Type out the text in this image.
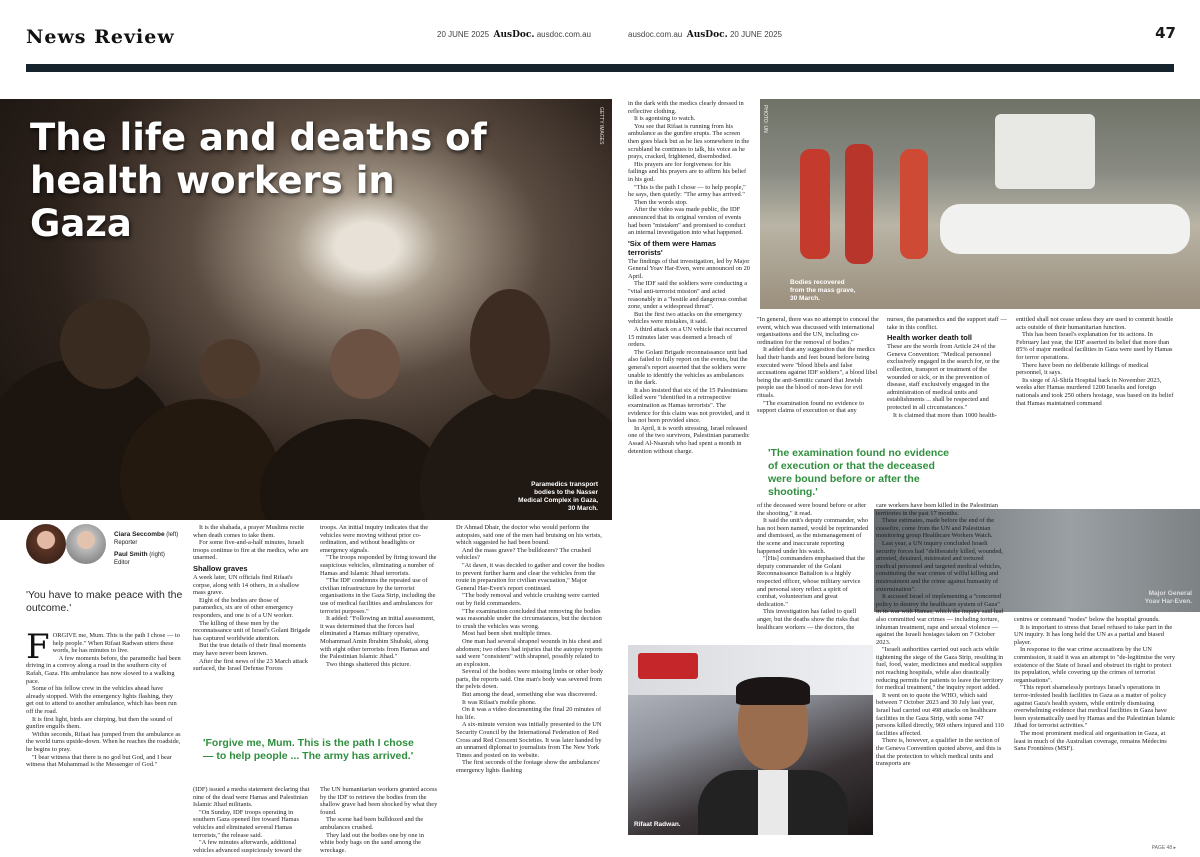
News Review	20 JUNE 2025 AusDoc. ausdoc.com.au	ausdoc.com.au AusDoc. 20 JUNE 2025	47
GETTY IMAGES
Paramedics transport bodies to the Nasser Medical Complex in Gaza, 30 March.
The life and deaths of health workers in Gaza
PHOTO: UN
Bodies recovered from the mass grave, 30 March.
Major General Yoav Har-Even.
Rifaat Radwan.
Ciara Seccombe (left)
Reporter
Paul Smith (right)
Editor
'You have to make peace with the outcome.'

FORGIVE me, Mum. This is the path I chose — to help people." When Rifaat Radwan utters these words, he has minutes to live.

A few moments before, the paramedic had been driving in a convoy along a road in the southern city of Rafah, Gaza. His ambulance has now slowed to a walking pace.

Some of his fellow crew in the vehicles ahead have already stopped. With the emergency lights flashing, they get out to attend to another ambulance, which has been run off the road.

It is first light, birds are chirping, but then the sound of gunfire engulfs them.

Within seconds, Rifaat has jumped from the ambulance as the world turns upside-down. When he reaches the roadside, he begins to pray.

"I bear witness that there is no god but God, and I bear witness that Muhammad is the Messenger of God."

It is the shahada, a prayer Muslims recite when death comes to take them.

For some five-and-a-half minutes, Israeli troops continue to fire at the medics, who are unarmed.

Shallow graves

A week later, UN officials find Rifaat's corpse, along with 14 others, in a shallow mass grave.

Eight of the bodies are those of paramedics, six are of other emergency responders, and one is of a UN worker.

The killing of these men by the reconnaissance unit of Israel's Golani Brigade has captured worldwide attention.

But the true details of their final moments may have never been known.

After the first news of the 23 March attack surfaced, the Israel Defense Forces

(IDF) issued a media statement declaring that nine of the dead were Hamas and Palestinian Islamic Jihad militants.

"On Sunday, IDF troops operating in southern Gaza opened fire toward Hamas vehicles and eliminated several Hamas terrorists," the release said.

"A few minutes afterwards, additional vehicles advanced suspiciously toward the

troops. An initial inquiry indicates that the vehicles were moving without prior co-ordination, and without headlights or emergency signals.

"The troops responded by firing toward the suspicious vehicles, eliminating a number of Hamas and Islamic Jihad terrorists.

"The IDF condemns the repeated use of civilian infrastructure by the terrorist organisations in the Gaza Strip, including the use of medical facilities and ambulances for terrorist purposes."

It added: "Following an initial assessment, it was determined that the forces had eliminated a Hamas military operative, Mohammad Amin Ibrahim Shubaki, along with eight other terrorists from Hamas and the Palestinian Islamic Jihad."

Two things shattered this picture.

The UN humanitarian workers granted access by the IDF to retrieve the bodies from the shallow grave had been shocked by what they found.

The scene had been bulldozed and the ambulances crushed.

They laid out the bodies one by one in white body bags on the sand among the wreckage.

'Forgive me, Mum. This is the path I chose — to help people ... The army has arrived.'

Dr Ahmad Dhair, the doctor who would perform the autopsies, said one of the men had bruising on his wrists, which suggested he had been bound.

And the mass grave? The bulldozers? The crushed vehicles?

"At dawn, it was decided to gather and cover the bodies to prevent further harm and clear the vehicles from the route in preparation for civilian evacuation," Major General Har-Even's report continued.

"The body removal and vehicle crushing were carried out by field commanders.

"The examination concluded that removing the bodies was reasonable under the circumstances, but the decision to crush the vehicles was wrong.

Most had been shot multiple times.

One man had several shrapnel wounds in his chest and abdomen; two others had injuries that the autopsy reports said were "consistent" with shrapnel, possibly related to an explosion.

Several of the bodies were missing limbs or other body parts, the reports said. One man's body was severed from the pelvis down.

But among the dead, something else was discovered.

It was Rifaat's mobile phone.

On it was a video documenting the final 20 minutes of his life.

A six-minute version was initially presented to the UN Security Council by the International Federation of Red Cross and Red Crescent Societies. It was later handed by an unnamed diplomat to journalists from The New York Times and posted on its website.

The first seconds of the footage show the ambulances' emergency lights flashing

in the dark with the medics clearly dressed in reflective clothing.

It is agonising to watch.

You see that Rifaat is running from his ambulance as the gunfire erupts. The screen then goes black but as he lies somewhere in the scrubland he continues to talk, his voice as he prays, cracked, frightened, disembodied.

His prayers are for forgiveness for his failings and his prayers are to affirm his belief in his god.

"This is the path I chose — to help people," he says, then quietly: "The army has arrived."

Then the words stop.

After the video was made public, the IDF announced that its original version of events had been "mistaken" and promised to conduct an internal investigation into what happened.

'Six of them were Hamas terrorists'

The findings of that investigation, led by Major General Yoav Har-Even, were announced on 20 April.

The IDF said the soldiers were conducting a "vital anti-terrorist mission" and acted reasonably in a "hostile and dangerous combat zone, under a widespread threat".

But the first two attacks on the emergency vehicles were mistakes, it said.

A third attack on a UN vehicle that occurred 15 minutes later was deemed a breach of orders.

The Golani Brigade reconnaissance unit had also failed to fully report on the events, but the general's report asserted that the soldiers were unable to identify the vehicles as ambulances in the dark.

It also insisted that six of the 15 Palestinians killed were "identified in a retrospective examination as Hamas terrorists". The evidence for this claim was not provided, and it has not been provided since.

In April, it is worth stressing, Israel released one of the two survivors, Palestinian paramedic Assad Al-Nsasrah who had spent a month in detention without charge.

"In general, there was no attempt to conceal the event, which was discussed with international organisations and the UN, including co-ordination for the removal of bodies."

It added that any suggestion that the medics had their hands and feet bound before being executed were "blood libels and false accusations against IDF soldiers", a blood libel being the anti-Semitic canard that Jewish people use the blood of non-Jews for evil rituals.

"The examination found no evidence to support claims of execution or that any

of the deceased were bound before or after the shooting," it read.

It said the unit's deputy commander, who has not been named, would be reprimanded and dismissed, as the mismanagement of the scene and inaccurate reporting happened under his watch.

"[His] commanders emphasised that the deputy commander of the Golani Reconnaissance Battalion is a highly respected officer, whose military service and personal story reflect a spirit of combat, volunteerism and great dedication."

This investigation has failed to quell anger, but the deaths show the risks that healthcare workers — the doctors, the

'The examination found no evidence of execution or that the deceased were bound before or after the shooting.'

nurses, the paramedics and the support staff — take in this conflict.

Health worker death toll

These are the words from Article 24 of the Geneva Convention: "Medical personnel exclusively engaged in the search for, or the collection, transport or treatment of the wounded or sick, or in the prevention of disease, staff exclusively engaged in the administration of medical units and establishments ... shall be respected and protected in all circumstances."

It is claimed that more than 1000 health-

care workers have been killed in the Palestinian territories in the past 17 months.

These estimates, made before the end of the ceasefire, come from the UN and Palestinian monitoring group Healthcare Workers Watch.

Last year, a UN inquiry concluded Israeli security forces had "deliberately killed, wounded, arrested, detained, mistreated and tortured medical personnel and targeted medical vehicles, constituting the war crimes of wilful killing and mistreatment and the crime against humanity of extermination".

It accused Israel of implementing a "concerted policy to destroy the healthcare system of Gaza" in its war with Hamas, which the inquiry said had also committed war crimes — including torture, inhuman treatment, rape and sexual violence — against the Israeli hostages taken on 7 October 2023.

"Israeli authorities carried out such acts while tightening the siege of the Gaza Strip, resulting in fuel, food, water, medicines and medical supplies not reaching hospitals, while also drastically reducing permits for patients to leave the territory for medical treatment," the inquiry report added.

It went on to quote the WHO, which said between 7 October 2023 and 30 July last year, Israel had carried out 498 attacks on healthcare facilities in the Gaza Strip, with some 747 persons killed directly, 969 others injured and 110 facilities affected.

There is, however, a qualifier in the section of the Geneva Convention quoted above, and this is that the protection to which medical units and transports are

entitled shall not cease unless they are used to commit hostile acts outside of their humanitarian function.

This has been Israel's explanation for its actions. In February last year, the IDF asserted its belief that more than 85% of major medical facilities in Gaza were used by Hamas for terror operations.

There have been no deliberate killings of medical personnel, it says.

Its siege of Al-Shifa Hospital back in November 2023, weeks after Hamas murdered 1200 Israelis and foreign nationals and took 250 others hostage, was based on its belief that Hamas maintained command

centres or command "nodes" below the hospital grounds.

It is important to stress that Israel refused to take part in the UN inquiry. It has long held the UN as a partial and biased player.

In response to the war crime accusations by the UN commission, it said it was an attempt to "de-legitimise the very existence of the State of Israel and obstruct its right to protect its population, while covering up the crimes of terrorist organisations".

"This report shamelessly portrays Israel's operations in terror-infested health facilities in Gaza as a matter of policy against Gaza's health system, while entirely dismissing overwhelming evidence that medical facilities in Gaza have been systematically used by Hamas and the Palestinian Islamic Jihad for terrorist activities."

The most prominent medical aid organisation in Gaza, at least in much of the Australian coverage, remains Médecins Sans Frontières (MSF).

PAGE 48 ▸
